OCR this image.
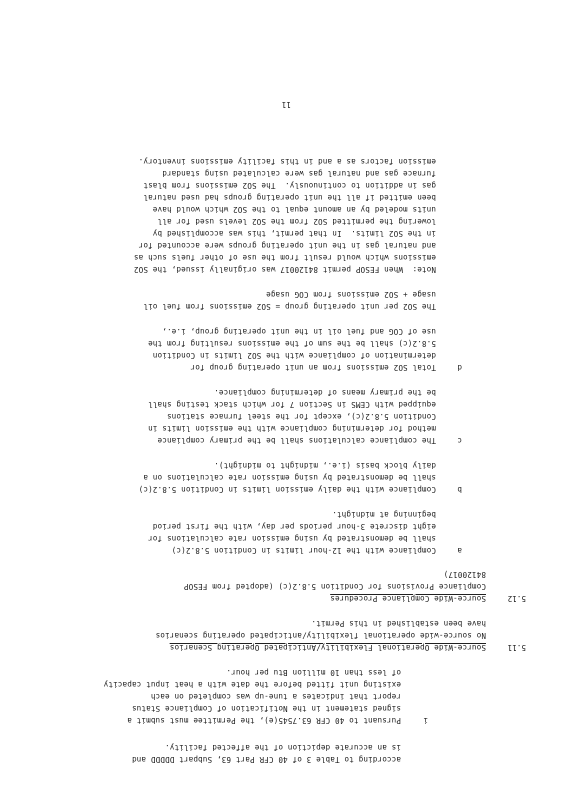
according to Table 3 of 40 CFR Part 63, Subpart DDDDD and
is an accurate depiction of the affected facility.
i
Pursuant to 40 CFR 63.7545(e), the Permittee must submit a
signed statement in the Notification of Compliance Status
report that indicates a tune-up was completed on each
existing unit fitted before the date with a heat input capacity
of less than 10 million Btu per hour.
5.11
Source-Wide Operational Flexibility/Anticipated Operating Scenarios
No source-wide operational flexibility/anticipated operating scenarios
have been established in this Permit.
5.12
Source-Wide Compliance Procedures
Compliance Provisions for Condition 5.8.2(c) (adopted from FESOP
84120017)
a
Compliance with the 12-hour limits in Condition 5.8.2(c)
shall be demonstrated by using emission rate calculations for
eight discrete 3-hour periods per day, with the first period
beginning at midnight.
b
Compliance with the daily emission limits in Condition 5.8.2(c)
shall be demonstrated by using emission rate calculations on a
daily block basis (i.e., midnight to midnight).
c
The compliance calculations shall be the primary compliance
method for determining compliance with the emission limits in
Condition 5.8.2(c), except for the steel furnace stations
equipped with CEMS in Section 7 for which stack testing shall
be the primary means of determining compliance.
d
Total SO2 emissions from an unit operating group for
determination of compliance with the SO2 limits in Condition
5.8.2(c) shall be the sum of the emissions resulting from the
use of COG and fuel oil in the unit operating group, i.e.,
The SO2 per unit operating group = SO2 emissions from fuel oil
usage + SO2 emissions from COG usage
Note:  When FESOP permit 84120017 was originally issued, the SO2
emissions which would result from the use of other fuels such as
and natural gas in the unit operating groups were accounted for
in the SO2 limits.  In that permit, this was accomplished by
lowering the permitted SO2 from the SO2 levels used for all
units modeled by an amount equal to the SO2 which would have
been emitted if all the unit operating groups had used natural
gas in addition to continuously.  The SO2 emissions from blast
furnace gas and natural gas were calculated using standard
emission factors as a and in this facility emissions inventory.
11
